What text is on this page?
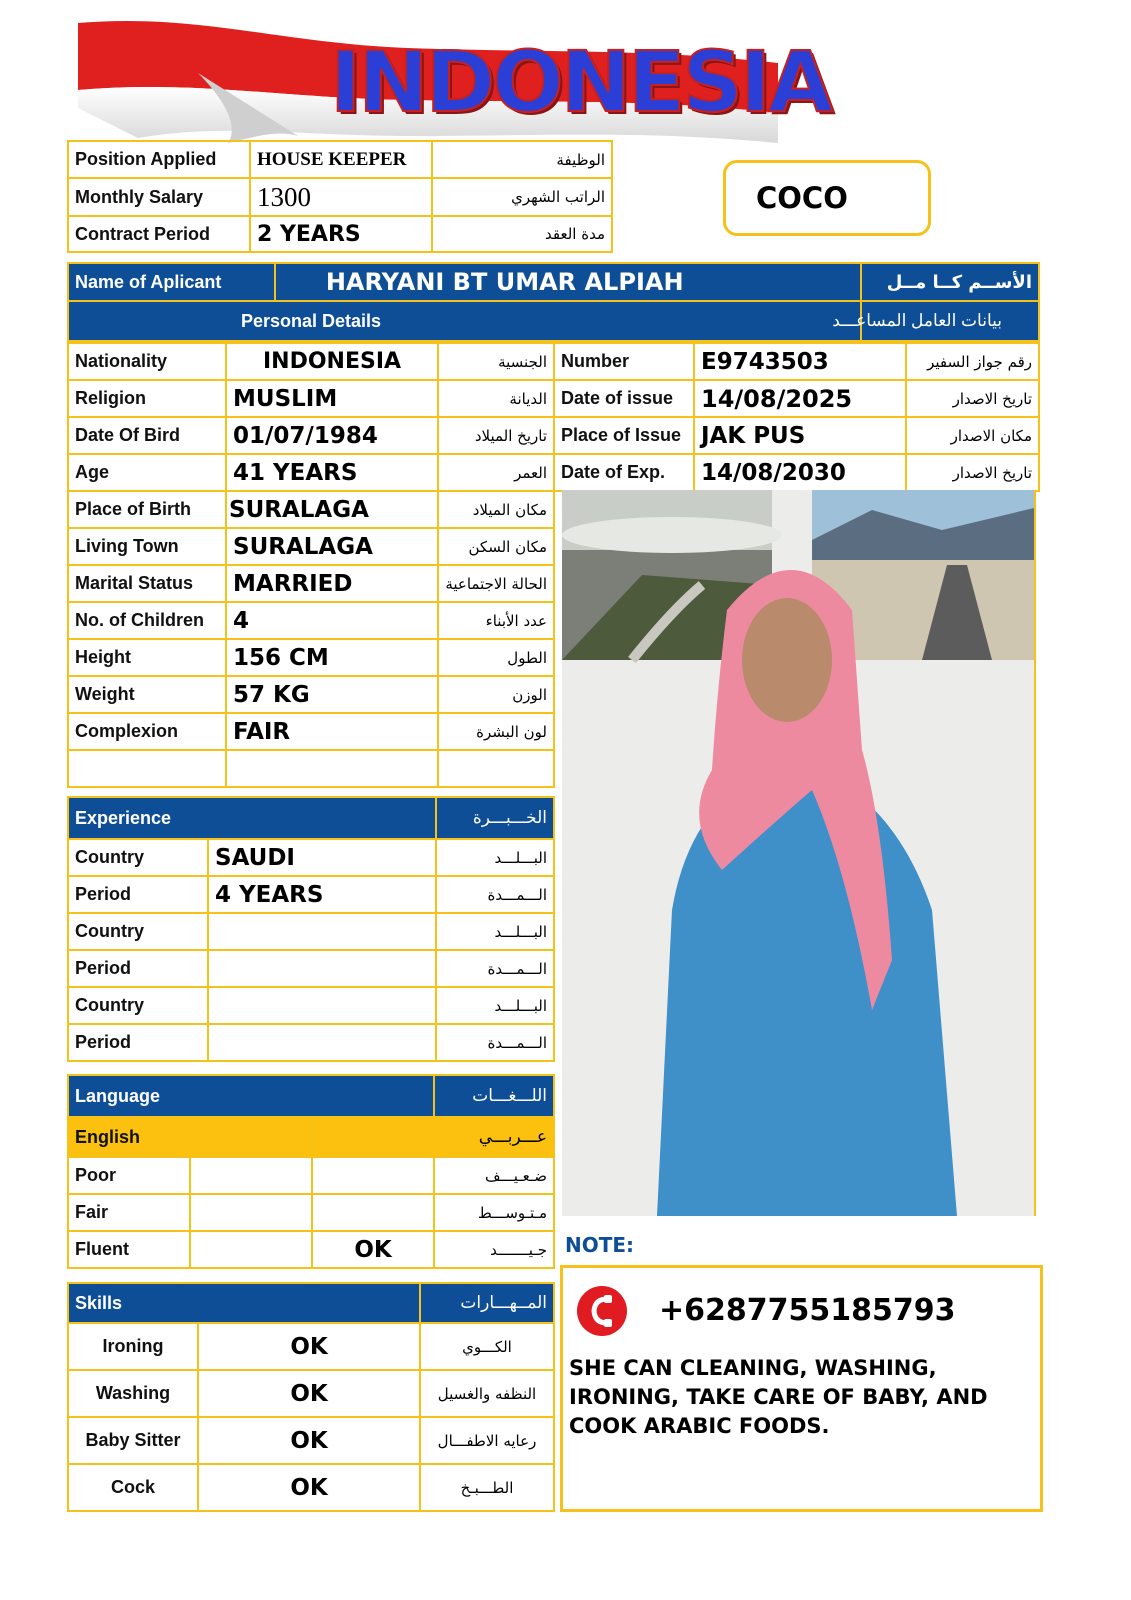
INDONESIA
Position Applied	HOUSE KEEPER	الوظيفة
Monthly Salary	1300	الراتب الشهري
Contract Period	2 YEARS	مدة العقد
COCO
Name of Aplicant	HARYANI BT UMAR ALPIAH	الأســم كــا مــل
Personal Details		بيانات العامل المساعـــد
Nationality	INDONESIA	الجنسية
Religion	MUSLIM	الديانة
Date Of Bird	01/07/1984	تاريخ الميلاد
Age	41 YEARS	العمر
Place of Birth	SURALAGA	مكان الميلاد
Living Town	SURALAGA	مكان السكن
Marital Status	MARRIED	الحالة الاجتماعية
No. of Children	4	عدد الأبناء
Height	156 CM	الطول
Weight	57 KG	الوزن
Complexion	FAIR	لون البشرة

Number	E9743503	رقم جواز السفير
Date of issue	14/08/2025	تاريخ الاصدار
Place of Issue	JAK PUS	مكان الاصدار
Date of Exp.	14/08/2030	تاريخ الاصدار
Experience		الخـــبـــرة
Country	SAUDI	البـــلـــد
Period	4 YEARS	الـــمـــدة
Country		البـــلـــد
Period		الـــمـــدة
Country		البـــلـــد
Period		الـــمـــدة
Language			اللـــغـــات
English		عـــربـــي	
Poor			ضـعـيـــف
Fair			مـتـوســـط
Fluent		OK	جـيـــــــد
Skills		المــهـــارات
Ironing	OK	الكـــوي
Washing	OK	النظفه والغسيل
Baby Sitter	OK	رعايه الاطفـــال
Cock	OK	الطـــبـخ
NOTE:
+6287755185793
SHE CAN CLEANING, WASHING, IRONING, TAKE CARE OF BABY, AND COOK ARABIC FOODS.
